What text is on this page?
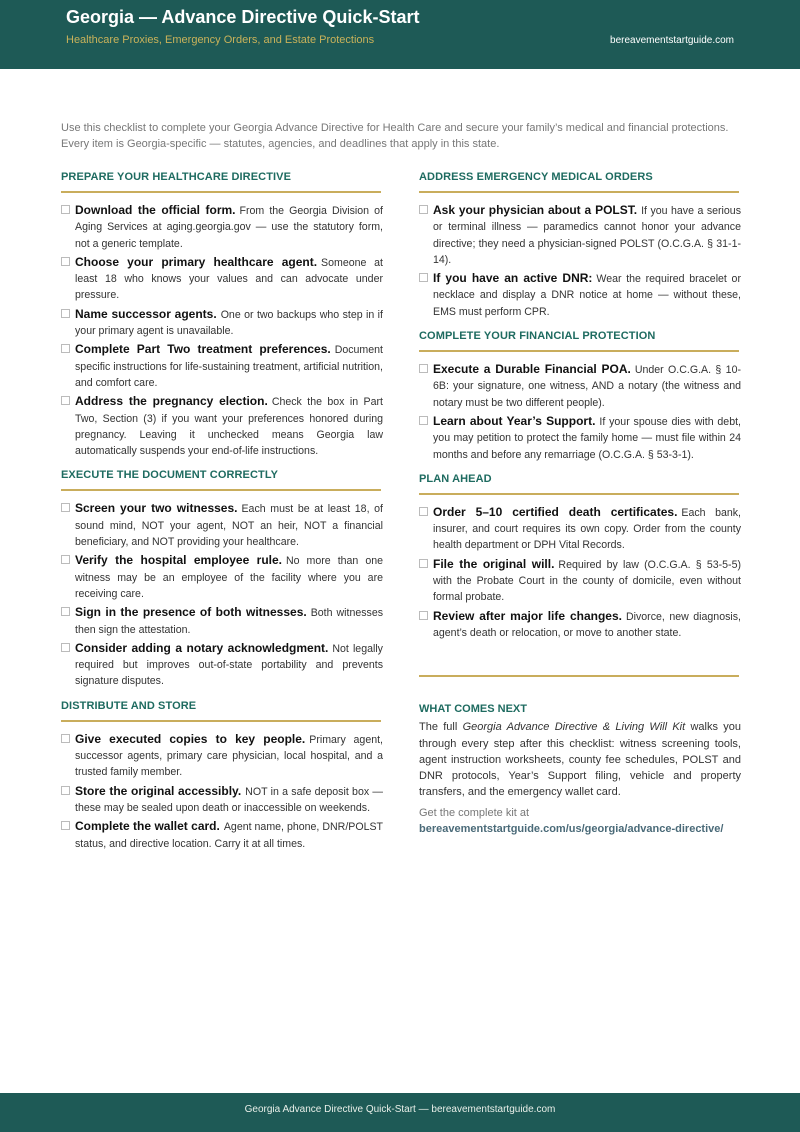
Georgia — Advance Directive Quick-Start
Healthcare Proxies, Emergency Orders, and Estate Protections	bereavementstartguide.com
Use this checklist to complete your Georgia Advance Directive for Health Care and secure your family’s medical and financial protections. Every item is Georgia-specific — statutes, agencies, and deadlines that apply in this state.
PREPARE YOUR HEALTHCARE DIRECTIVE
Download the official form. From the Georgia Division of Aging Services at aging.georgia.gov — use the statutory form, not a generic template.
Choose your primary healthcare agent. Someone at least 18 who knows your values and can advocate under pressure.
Name successor agents. One or two backups who step in if your primary agent is unavailable.
Complete Part Two treatment preferences. Document specific instructions for life-sustaining treatment, artificial nutrition, and comfort care.
Address the pregnancy election. Check the box in Part Two, Section (3) if you want your preferences honored during pregnancy. Leaving it unchecked means Georgia law automatically suspends your end-of-life instructions.
EXECUTE THE DOCUMENT CORRECTLY
Screen your two witnesses. Each must be at least 18, of sound mind, NOT your agent, NOT an heir, NOT a financial beneficiary, and NOT providing your healthcare.
Verify the hospital employee rule. No more than one witness may be an employee of the facility where you are receiving care.
Sign in the presence of both witnesses. Both witnesses then sign the attestation.
Consider adding a notary acknowledgment. Not legally required but improves out-of-state portability and prevents signature disputes.
DISTRIBUTE AND STORE
Give executed copies to key people. Primary agent, successor agents, primary care physician, local hospital, and a trusted family member.
Store the original accessibly. NOT in a safe deposit box — these may be sealed upon death or inaccessible on weekends.
Complete the wallet card. Agent name, phone, DNR/POLST status, and directive location. Carry it at all times.
ADDRESS EMERGENCY MEDICAL ORDERS
Ask your physician about a POLST. If you have a serious or terminal illness — paramedics cannot honor your advance directive; they need a physician-signed POLST (O.C.G.A. § 31-1-14).
If you have an active DNR: Wear the required bracelet or necklace and display a DNR notice at home — without these, EMS must perform CPR.
COMPLETE YOUR FINANCIAL PROTECTION
Execute a Durable Financial POA. Under O.C.G.A. § 10-6B: your signature, one witness, AND a notary (the witness and notary must be two different people).
Learn about Year’s Support. If your spouse dies with debt, you may petition to protect the family home — must file within 24 months and before any remarriage (O.C.G.A. § 53-3-1).
PLAN AHEAD
Order 5–10 certified death certificates. Each bank, insurer, and court requires its own copy. Order from the county health department or DPH Vital Records.
File the original will. Required by law (O.C.G.A. § 53-5-5) with the Probate Court in the county of domicile, even without formal probate.
Review after major life changes. Divorce, new diagnosis, agent’s death or relocation, or move to another state.
WHAT COMES NEXT
The full Georgia Advance Directive & Living Will Kit walks you through every step after this checklist: witness screening tools, agent instruction worksheets, county fee schedules, POLST and DNR protocols, Year’s Support filing, vehicle and property transfers, and the emergency wallet card.
Get the complete kit at
bereavementstartguide.com/us/georgia/advance-directive/
Georgia Advance Directive Quick-Start — bereavementstartguide.com
